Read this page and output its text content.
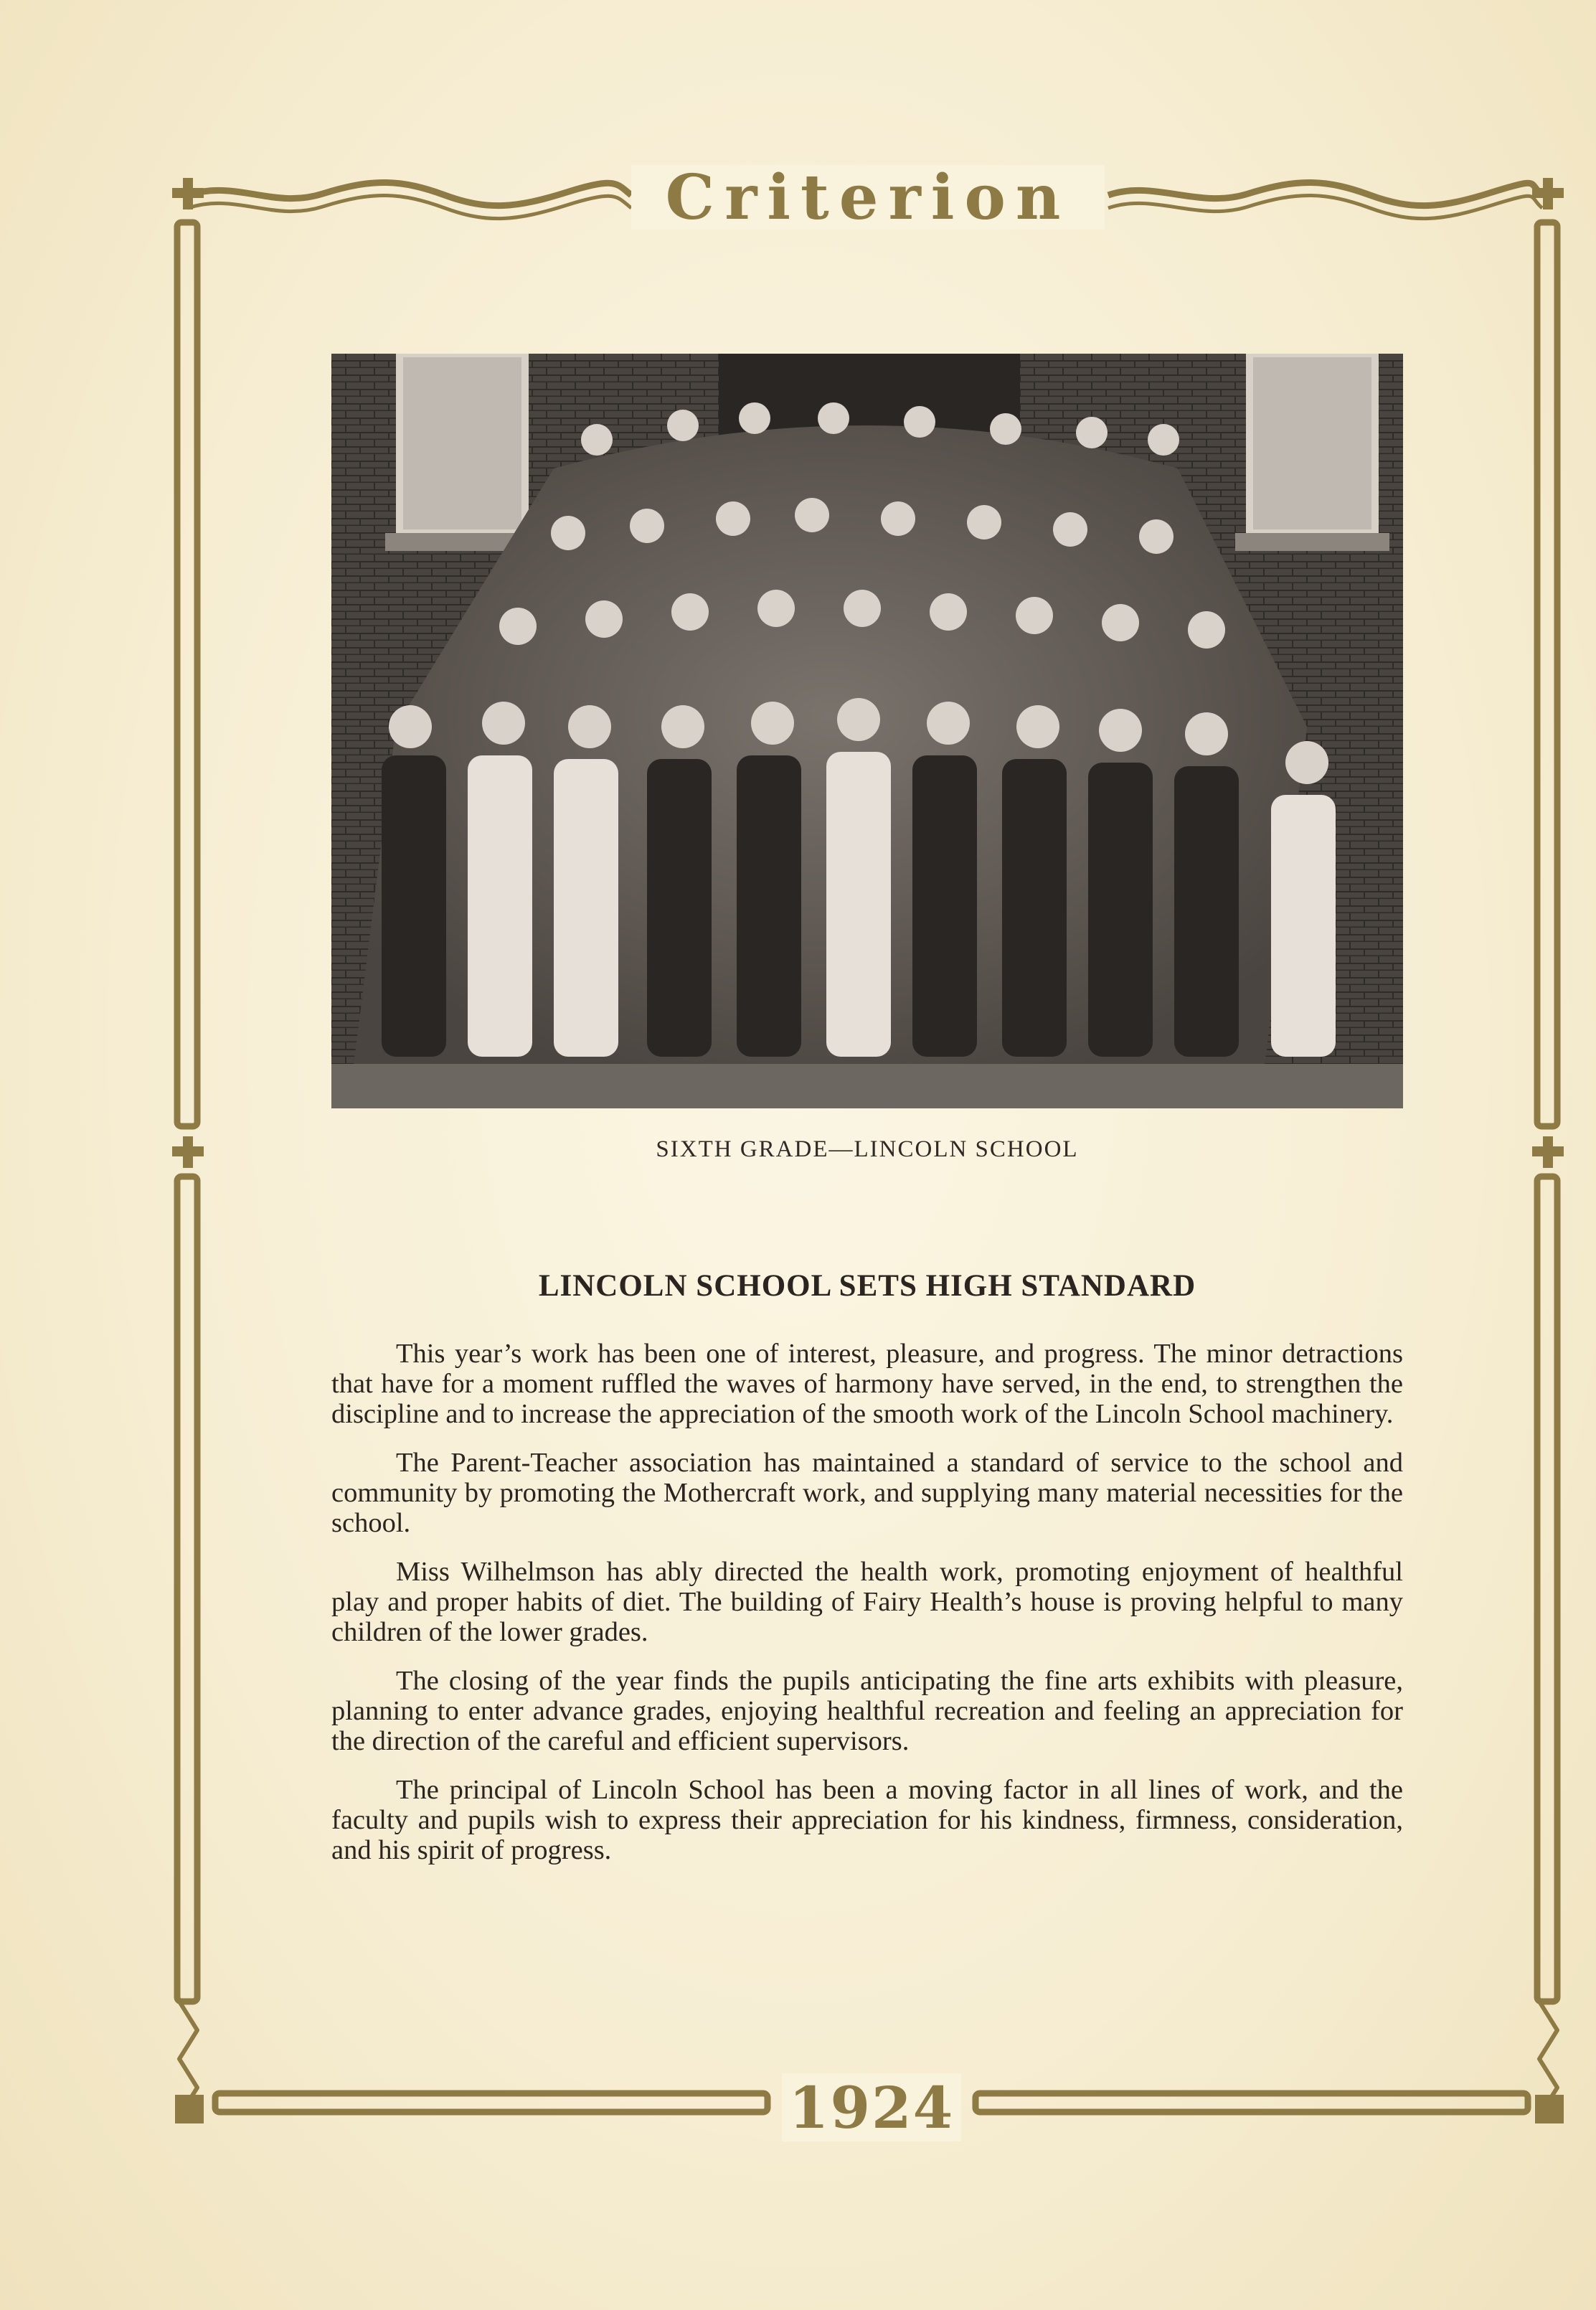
Criterion
1924
SIXTH GRADE—LINCOLN SCHOOL
LINCOLN SCHOOL SETS HIGH STANDARD

This year’s work has been one of interest, pleasure, and progress. The minor detractions that have for a moment ruffled the waves of harmony have served, in the end, to strengthen the discipline and to increase the appreciation of the smooth work of the Lincoln School machinery.

The Parent-Teacher association has maintained a standard of service to the school and community by promoting the Mothercraft work, and supplying many material necessities for the school.

Miss Wilhelmson has ably directed the health work, promoting enjoyment of healthful play and proper habits of diet. The building of Fairy Health’s house is proving helpful to many children of the lower grades.

The closing of the year finds the pupils anticipating the fine arts exhibits with pleasure, planning to enter advance grades, enjoying healthful recreation and feeling an appreciation for the direction of the careful and efficient supervisors.

The principal of Lincoln School has been a moving factor in all lines of work, and the faculty and pupils wish to express their appreciation for his kindness, firmness, consideration, and his spirit of progress.
